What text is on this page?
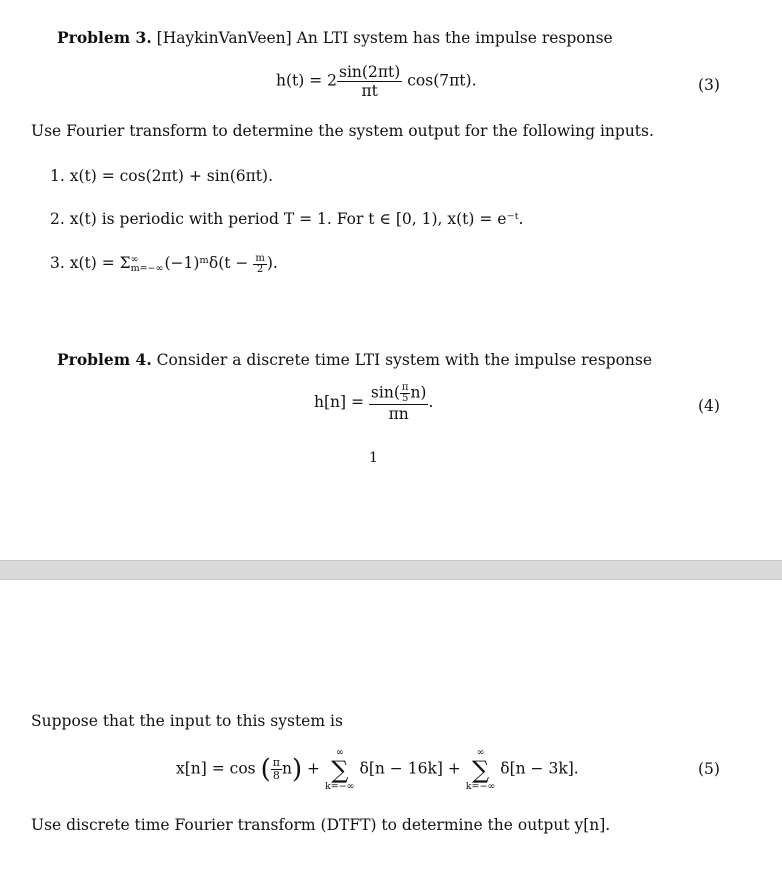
Problem 3. [HaykinVanVeen] An LTI system has the impulse response
$h(t) = 2 \frac{\sin(2\pi t)}{\pi t} \cos(7\pi t)$.	(3)
Use Fourier transform to determine the system output for the following inputs.
1. x(t) = cos(2πt) + sin(6πt).
2. x(t) is periodic with period T = 1. For t ∈ [0, 1), x(t) = e⁻ᵗ.
3. x(t) = Σ ∞
m=−∞ (−1)ᵐδ(t − $\frac{m}{2}$ ).
Problem 4. Consider a discrete time LTI system with the impulse response
$h[n] = \frac{\sin( \frac{\pi}{5} n)}{\pi n}$ .	(4)
1
Suppose that the input to this system is
x[n] = cos ( $\frac{\pi}{8} n$) +
∞
∑
k=−∞
δ[n − 16k] +
∞
∑
k=−∞
δ[n − 3k].	(5)
Use discrete time Fourier transform (DTFT) to determine the output y[n].
